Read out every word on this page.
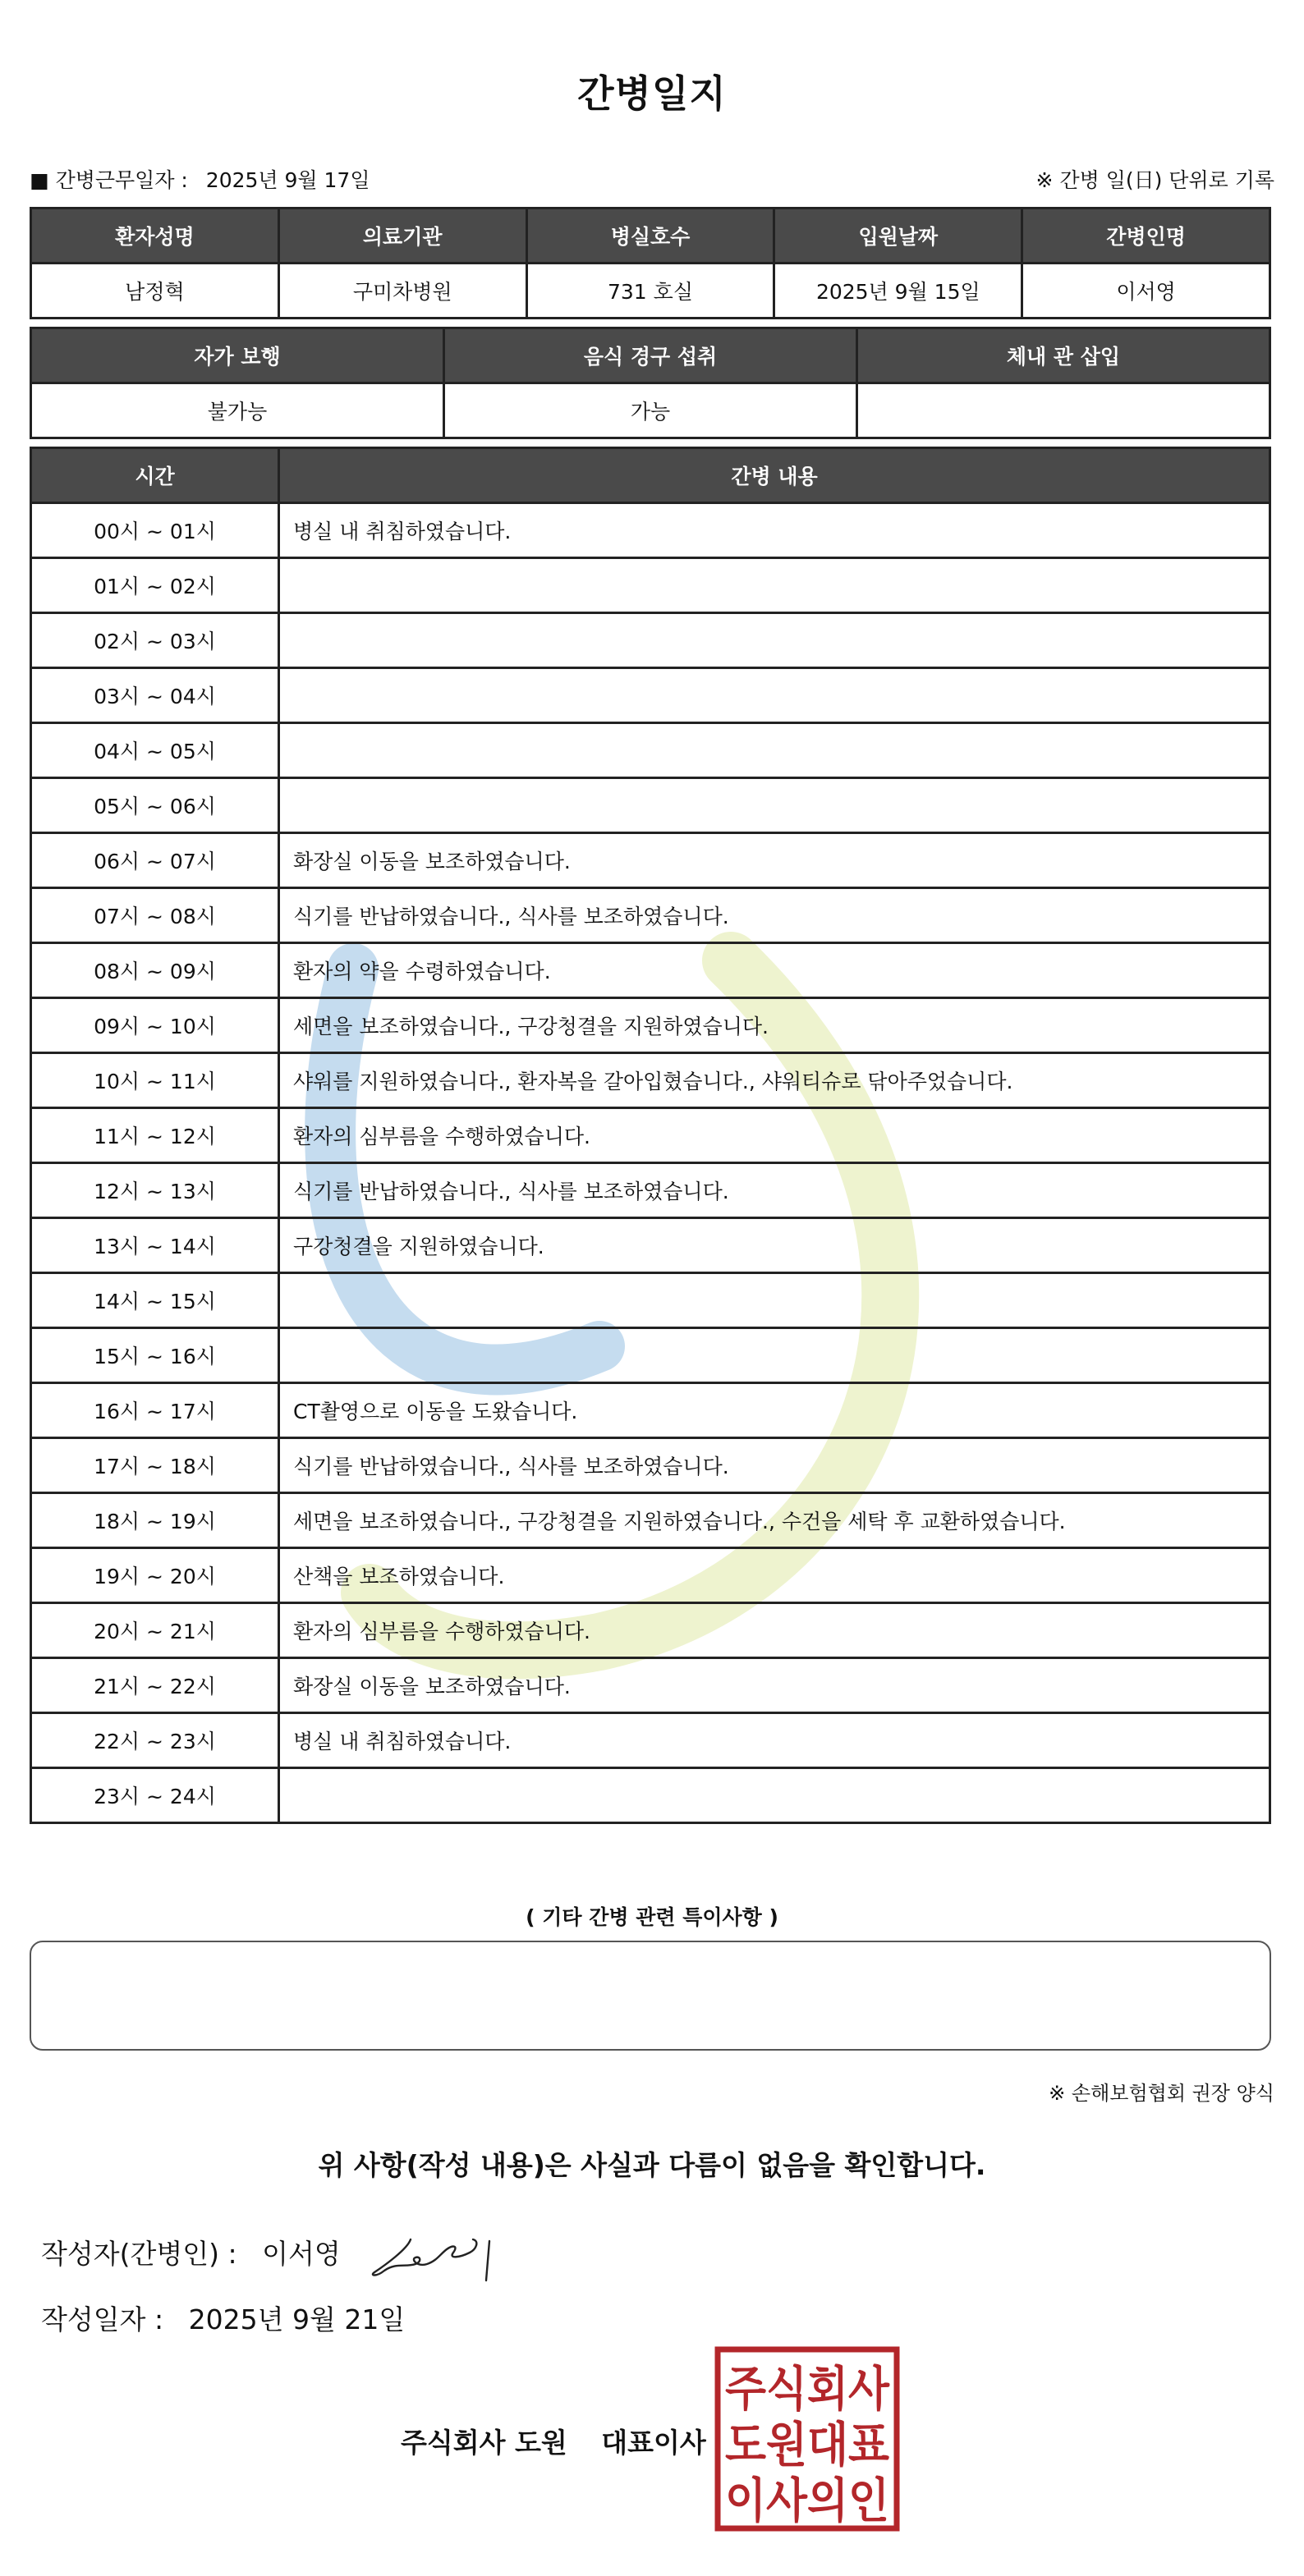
간병일지
■ 간병근무일자 : 2025년 9월 17일	※ 간병 일(日) 단위로 기록
환자성명	의료기관	병실호수	입원날짜	간병인명
남정혁	구미차병원	731 호실	2025년 9월 15일	이서영
자가 보행	음식 경구 섭취	체내 관 삽입
불가능	가능	
시간	간병 내용
00시 ~ 01시	병실 내 취침하였습니다.
01시 ~ 02시	
02시 ~ 03시	
03시 ~ 04시	
04시 ~ 05시	
05시 ~ 06시	
06시 ~ 07시	화장실 이동을 보조하였습니다.
07시 ~ 08시	식기를 반납하였습니다., 식사를 보조하였습니다.
08시 ~ 09시	환자의 약을 수령하였습니다.
09시 ~ 10시	세면을 보조하였습니다., 구강청결을 지원하였습니다.
10시 ~ 11시	샤워를 지원하였습니다., 환자복을 갈아입혔습니다., 샤워티슈로 닦아주었습니다.
11시 ~ 12시	환자의 심부름을 수행하였습니다.
12시 ~ 13시	식기를 반납하였습니다., 식사를 보조하였습니다.
13시 ~ 14시	구강청결을 지원하였습니다.
14시 ~ 15시	
15시 ~ 16시	
16시 ~ 17시	CT촬영으로 이동을 도왔습니다.
17시 ~ 18시	식기를 반납하였습니다., 식사를 보조하였습니다.
18시 ~ 19시	세면을 보조하였습니다., 구강청결을 지원하였습니다., 수건을 세탁 후 교환하였습니다.
19시 ~ 20시	산책을 보조하였습니다.
20시 ~ 21시	환자의 심부름을 수행하였습니다.
21시 ~ 22시	화장실 이동을 보조하였습니다.
22시 ~ 23시	병실 내 취침하였습니다.
23시 ~ 24시	
( 기타 간병 관련 특이사항 )
※ 손해보험협회 권장 양식
위 사항(작성 내용)은 사실과 다름이 없음을 확인합니다.
작성자(간병인) : 이서영
작성일자 : 2025년 9월 21일
주식회사 도원 대표이사
주식회사
도원대표
이사의인
